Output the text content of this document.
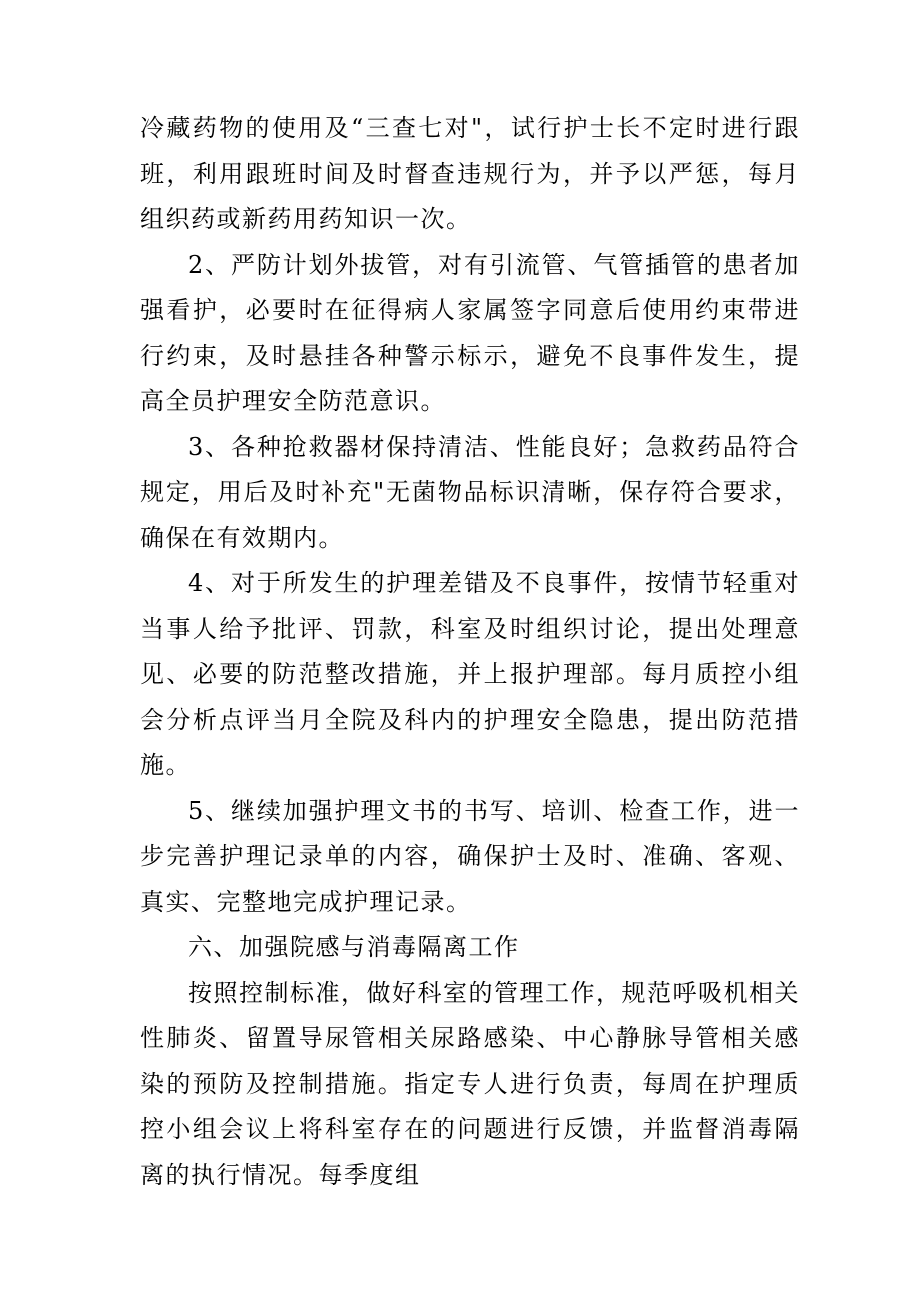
冷藏药物的使用及“三查七对"，试行护士长不定时进行跟班，利用跟班时间及时督查违规行为，并予以严惩，每月组织药或新药用药知识一次。

2、严防计划外拔管，对有引流管、气管插管的患者加强看护，必要时在征得病人家属签字同意后使用约束带进行约束，及时悬挂各种警示标示，避免不良事件发生，提高全员护理安全防范意识。

3、各种抢救器材保持清洁、性能良好；急救药品符合规定，用后及时补充"无菌物品标识清晰，保存符合要求，确保在有效期内。

4、对于所发生的护理差错及不良事件，按情节轻重对当事人给予批评、罚款，科室及时组织讨论，提出处理意见、必要的防范整改措施，并上报护理部。每月质控小组会分析点评当月全院及科内的护理安全隐患，提出防范措施。

5、继续加强护理文书的书写、培训、检查工作，进一步完善护理记录单的内容，确保护士及时、准确、客观、真实、完整地完成护理记录。

六、加强院感与消毒隔离工作

按照控制标准，做好科室的管理工作，规范呼吸机相关性肺炎、留置导尿管相关尿路感染、中心静脉导管相关感染的预防及控制措施。指定专人进行负责，每周在护理质控小组会议上将科室存在的问题进行反馈，并监督消毒隔离的执行情况。每季度组
